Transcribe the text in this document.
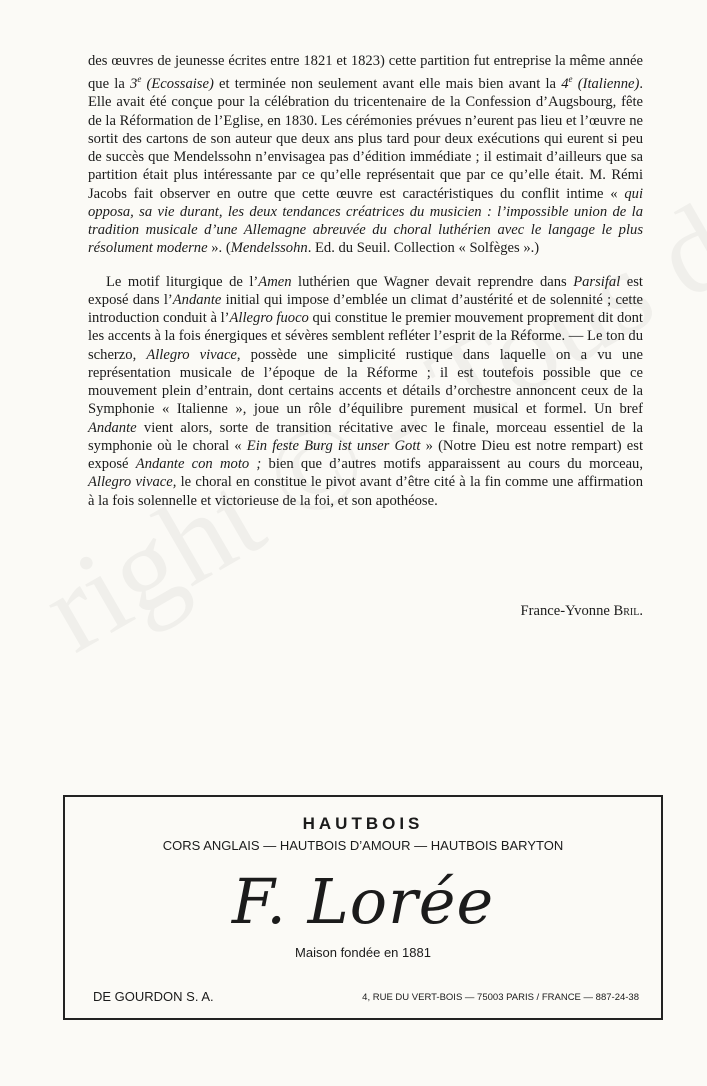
des œuvres de jeunesse écrites entre 1821 et 1823) cette partition fut entreprise la même année que la 3e (Ecossaise) et terminée non seulement avant elle mais bien avant la 4e (Italienne). Elle avait été conçue pour la célébration du tricentenaire de la Confession d’Augsbourg, fête de la Réformation de l’Eglise, en 1830. Les cérémonies prévues n’eurent pas lieu et l’œuvre ne sortit des cartons de son auteur que deux ans plus tard pour deux exécutions qui eurent si peu de succès que Mendelssohn n’envisagea pas d’édition immédiate ; il estimait d’ailleurs que sa partition était plus intéressante par ce qu’elle représentait que par ce qu’elle était. M. Rémi Jacobs fait observer en outre que cette œuvre est caractéristiques du conflit intime « qui opposa, sa vie durant, les deux tendances créatrices du musicien : l’impossible union de la tradition musicale d’une Allemagne abreuvée du choral luthérien avec le langage le plus résolument moderne ». (Mendelssohn. Ed. du Seuil. Collection « Solfèges ».)

Le motif liturgique de l’Amen luthérien que Wagner devait reprendre dans Parsifal est exposé dans l’Andante initial qui impose d’emblée un climat d’austérité et de solennité ; cette introduction conduit à l’Allegro fuoco qui constitue le premier mouvement proprement dit dont les accents à la fois énergiques et sévères semblent refléter l’esprit de la Réforme. — Le ton du scherzo, Allegro vivace, possède une simplicité rustique dans laquelle on a vu une représentation musicale de l’époque de la Réforme ; il est toutefois possible que ce mouvement plein d’entrain, dont certains accents et détails d’orchestre annoncent ceux de la Symphonie « Italienne », joue un rôle d’équilibre purement musical et formel. Un bref Andante vient alors, sorte de transition récitative avec le finale, morceau essentiel de la symphonie où le choral « Ein feste Burg ist unser Gott » (Notre Dieu est notre rempart) est exposé Andante con moto ; bien que d’autres motifs apparaissent au cours du morceau, Allegro vivace, le choral en constitue le pivot avant d’être cité à la fin comme une affirmation à la fois solennelle et victorieuse de la foi, et son apothéose.

France-Yvonne Bril.
HAUTBOIS
CORS ANGLAIS — HAUTBOIS D’AMOUR — HAUTBOIS BARYTON
F. Lorée
Maison fondée en 1881
DE GOURDON S. A.	4, RUE DU VERT-BOIS — 75003 PARIS / FRANCE — 887-24-38
